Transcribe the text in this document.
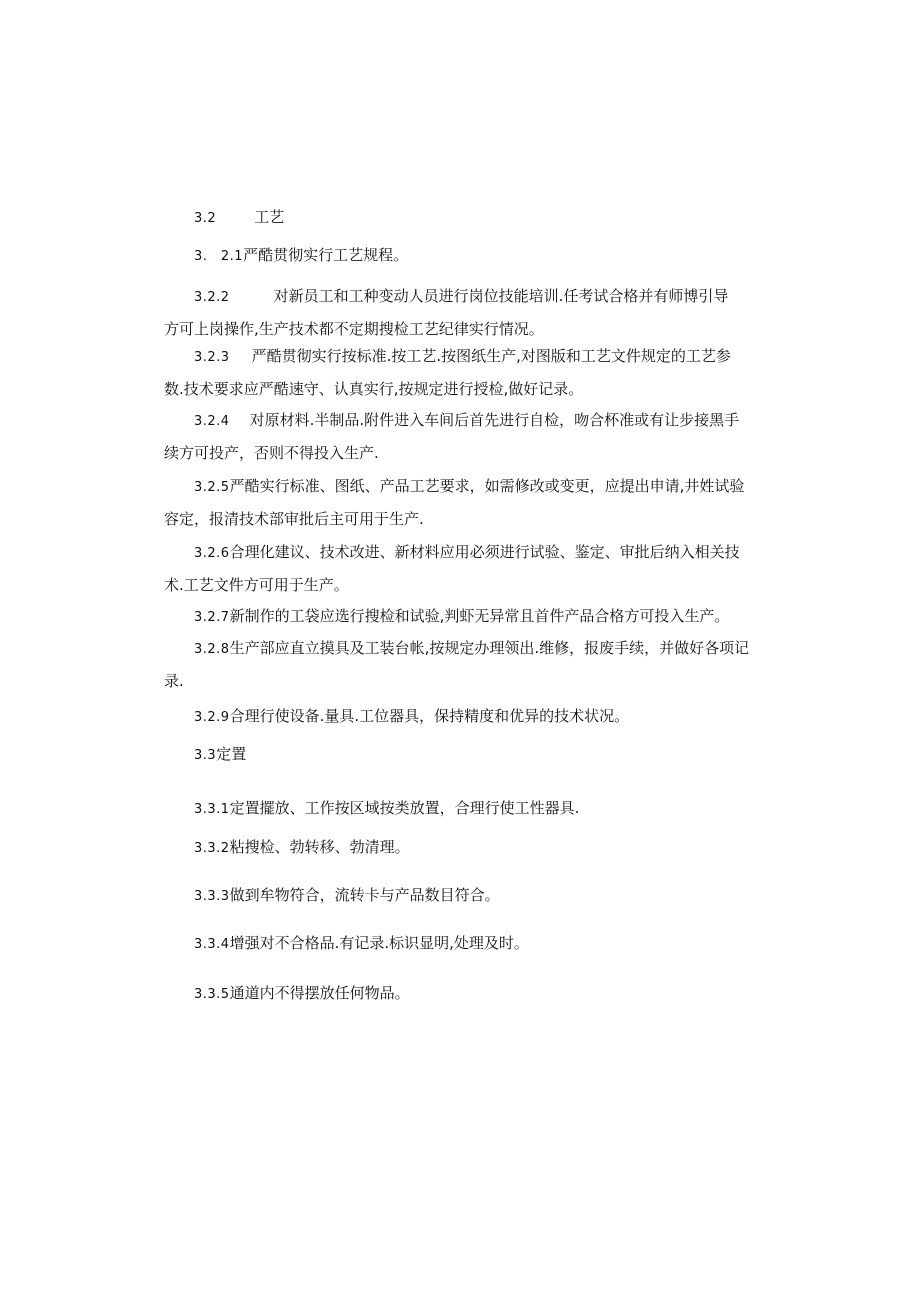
3.2	工艺
3.　2.1严酷贯彻实行工艺规程。
3.2.2	对新员工和工种变动人员进行岗位技能培训.任考试合格并有师博引导
方可上岗操作,生产技术都不定期搜检工艺纪律实行情况。
3.2.3 严酷贯彻实行按标准.按工艺.按图纸生产,对图版和工艺文件规定的工艺参
数.技术要求应严酷速守、认真实行,按规定进行授检,做好记录。
3.2.4 对原材料.半制品.附件进入车间后首先进行自检，吻合杯准或有让步接黑手
续方可投产，否则不得投入生产.
3.2.5严酷实行标准、图纸、产品工艺要求，如需修改或变更，应提出申请,井姓试验
容定，报清技术部审批后主可用于生产.
3.2.6合理化建议、技术改进、新材料应用必须进行试验、鉴定、审批后纳入相关技
术.工艺文件方可用于生产。
3.2.7新制作的工袋应选行搜检和试验,判虾无异常且首件产品合格方可投入生产。
3.2.8生产部应直立摸具及工装台帐,按规定办理领出.维修，报废手续，并做好各项记
录.
3.2.9合理行使设备.量具.工位器具，保持精度和优异的技术状况。
3.3定置
3.3.1定置擺放、工作按区域按类放置，合理行使工性器具.
3.3.2粘搜检、勃转移、勃清理。
3.3.3做到牟物符合，流转卡与产品数目符合。
3.3.4增强对不合格品.有记录.标识显明,处理及时。
3.3.5通道内不得摆放任何物品。
